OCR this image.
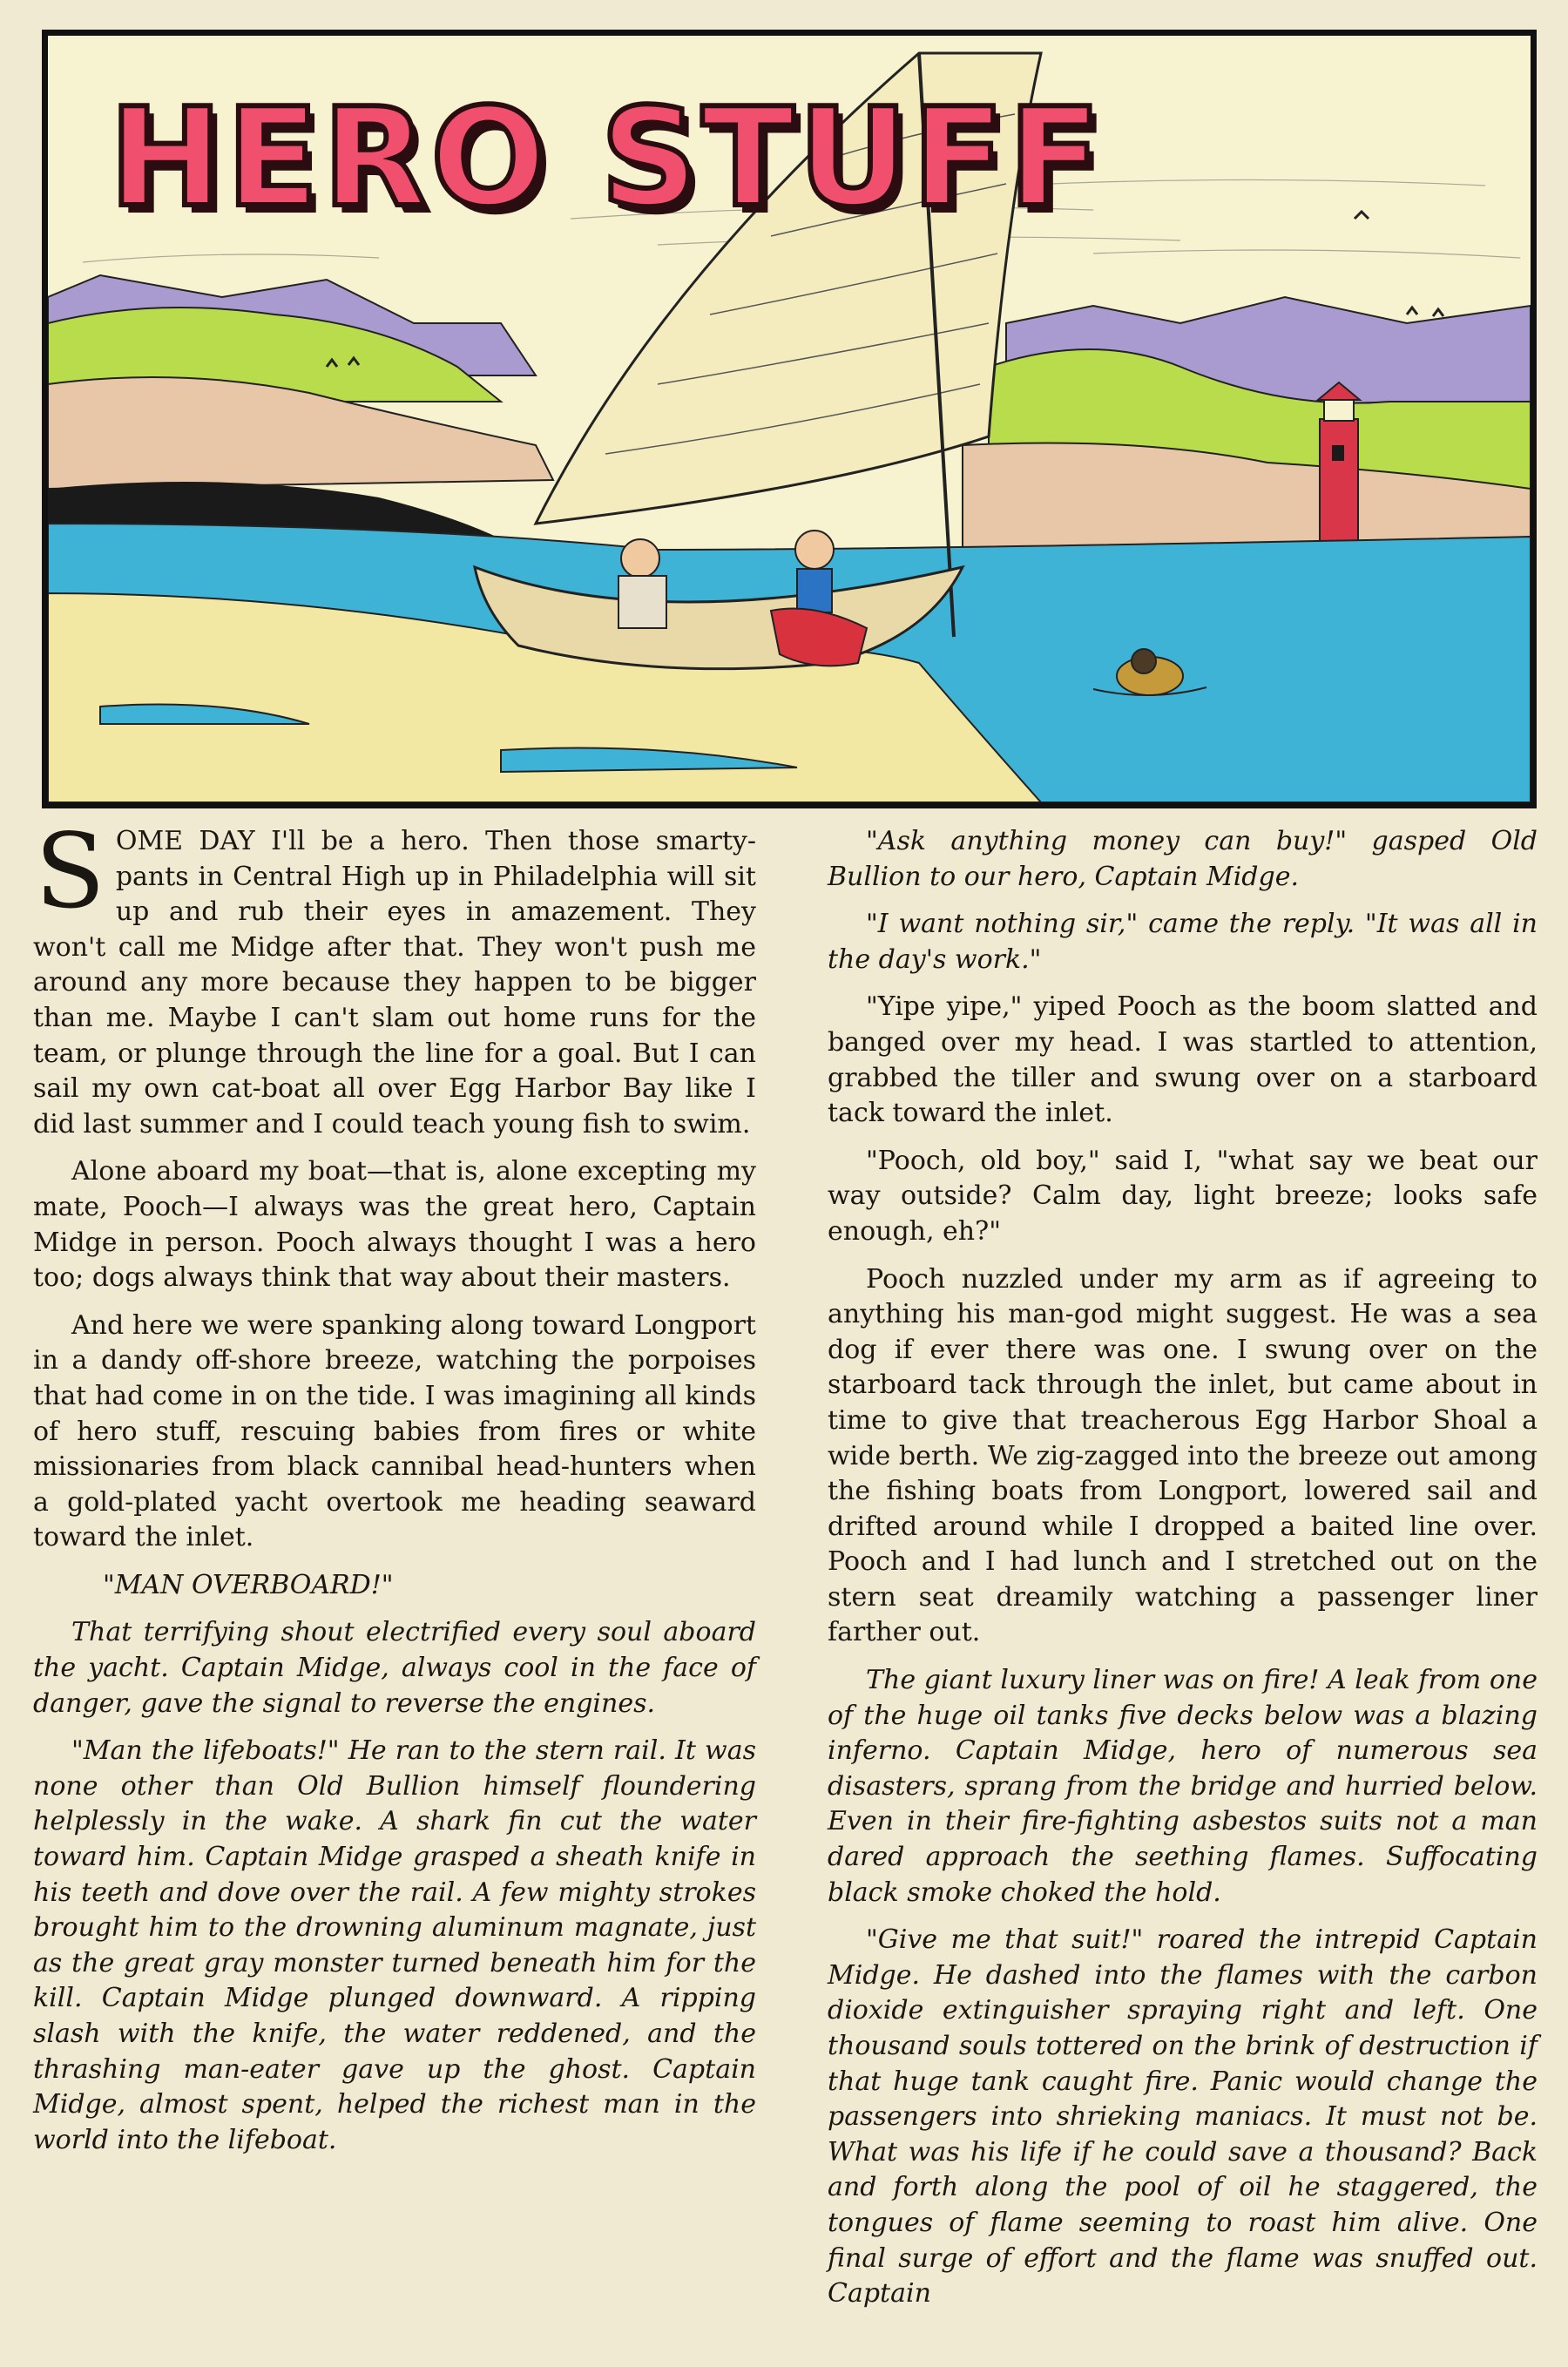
HERO STUFF

SOME DAY I'll be a hero. Then those smarty-pants in Central High up in Philadelphia will sit up and rub their eyes in amazement. They won't call me Midge after that. They won't push me around any more because they happen to be bigger than me. Maybe I can't slam out home runs for the team, or plunge through the line for a goal. But I can sail my own cat-boat all over Egg Harbor Bay like I did last summer and I could teach young fish to swim.

Alone aboard my boat—that is, alone excepting my mate, Pooch—I always was the great hero, Captain Midge in person. Pooch always thought I was a hero too; dogs always think that way about their masters.

And here we were spanking along toward Longport in a dandy off-shore breeze, watching the porpoises that had come in on the tide. I was imagining all kinds of hero stuff, rescuing babies from fires or white missionaries from black cannibal head-hunters when a gold-plated yacht overtook me heading seaward toward the inlet.

"MAN OVERBOARD!"

That terrifying shout electrified every soul aboard the yacht. Captain Midge, always cool in the face of danger, gave the signal to reverse the engines.

"Man the lifeboats!" He ran to the stern rail. It was none other than Old Bullion himself floundering helplessly in the wake. A shark fin cut the water toward him. Captain Midge grasped a sheath knife in his teeth and dove over the rail. A few mighty strokes brought him to the drowning aluminum magnate, just as the great gray monster turned beneath him for the kill. Captain Midge plunged downward. A ripping slash with the knife, the water reddened, and the thrashing man-eater gave up the ghost. Captain Midge, almost spent, helped the richest man in the world into the lifeboat.

"Ask anything money can buy!" gasped Old Bullion to our hero, Captain Midge.

"I want nothing sir," came the reply. "It was all in the day's work."

"Yipe yipe," yiped Pooch as the boom slatted and banged over my head. I was startled to attention, grabbed the tiller and swung over on a starboard tack toward the inlet.

"Pooch, old boy," said I, "what say we beat our way outside? Calm day, light breeze; looks safe enough, eh?"

Pooch nuzzled under my arm as if agreeing to anything his man-god might suggest. He was a sea dog if ever there was one. I swung over on the starboard tack through the inlet, but came about in time to give that treacherous Egg Harbor Shoal a wide berth. We zig-zagged into the breeze out among the fishing boats from Longport, lowered sail and drifted around while I dropped a baited line over. Pooch and I had lunch and I stretched out on the stern seat dreamily watching a passenger liner farther out.

The giant luxury liner was on fire! A leak from one of the huge oil tanks five decks below was a blazing inferno. Captain Midge, hero of numerous sea disasters, sprang from the bridge and hurried below. Even in their fire-fighting asbestos suits not a man dared approach the seething flames. Suffocating black smoke choked the hold.

"Give me that suit!" roared the intrepid Captain Midge. He dashed into the flames with the carbon dioxide extinguisher spraying right and left. One thousand souls tottered on the brink of destruction if that huge tank caught fire. Panic would change the passengers into shrieking maniacs. It must not be. What was his life if he could save a thousand? Back and forth along the pool of oil he staggered, the tongues of flame seeming to roast him alive. One final surge of effort and the flame was snuffed out. Captain
